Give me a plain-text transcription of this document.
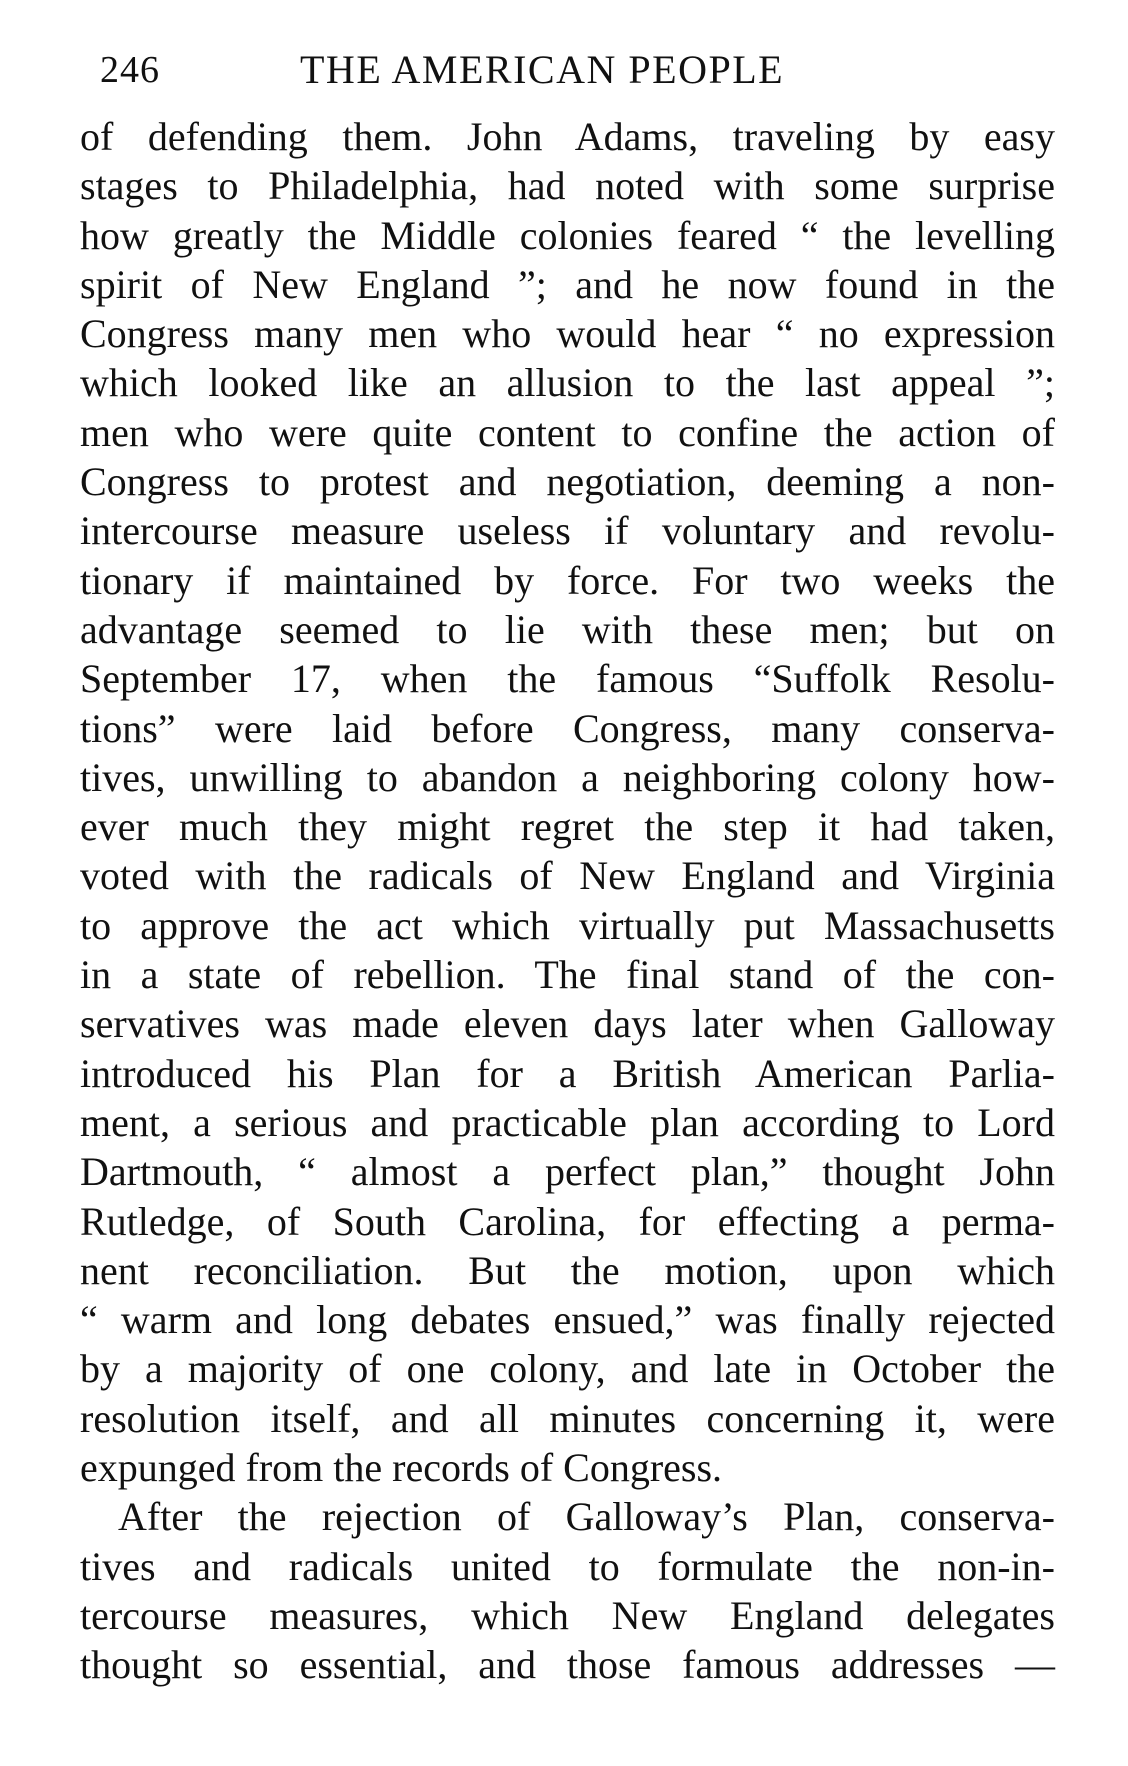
246	THE AMERICAN PEOPLE
of defending them. John Adams, traveling by easy
stages to Philadelphia, had noted with some surprise
how greatly the Middle colonies feared “ the levelling
spirit of New England ”; and he now found in the
Congress many men who would hear “ no expression
which looked like an allusion to the last appeal ”;
men who were quite content to confine the action of
Congress to protest and negotiation, deeming a non-
intercourse measure useless if voluntary and revolu-
tionary if maintained by force. For two weeks the
advantage seemed to lie with these men; but on
September 17, when the famous “Suffolk Resolu-
tions” were laid before Congress, many conserva-
tives, unwilling to abandon a neighboring colony how-
ever much they might regret the step it had taken,
voted with the radicals of New England and Virginia
to approve the act which virtually put Massachusetts
in a state of rebellion. The final stand of the con-
servatives was made eleven days later when Galloway
introduced his Plan for a British American Parlia-
ment, a serious and practicable plan according to Lord
Dartmouth, “ almost a perfect plan,” thought John
Rutledge, of South Carolina, for effecting a perma-
nent reconciliation. But the motion, upon which
“ warm and long debates ensued,” was finally rejected
by a majority of one colony, and late in October the
resolution itself, and all minutes concerning it, were
expunged from the records of Congress.
After the rejection of Galloway’s Plan, conserva-
tives and radicals united to formulate the non-in-
tercourse measures, which New England delegates
thought so essential, and those famous addresses —
